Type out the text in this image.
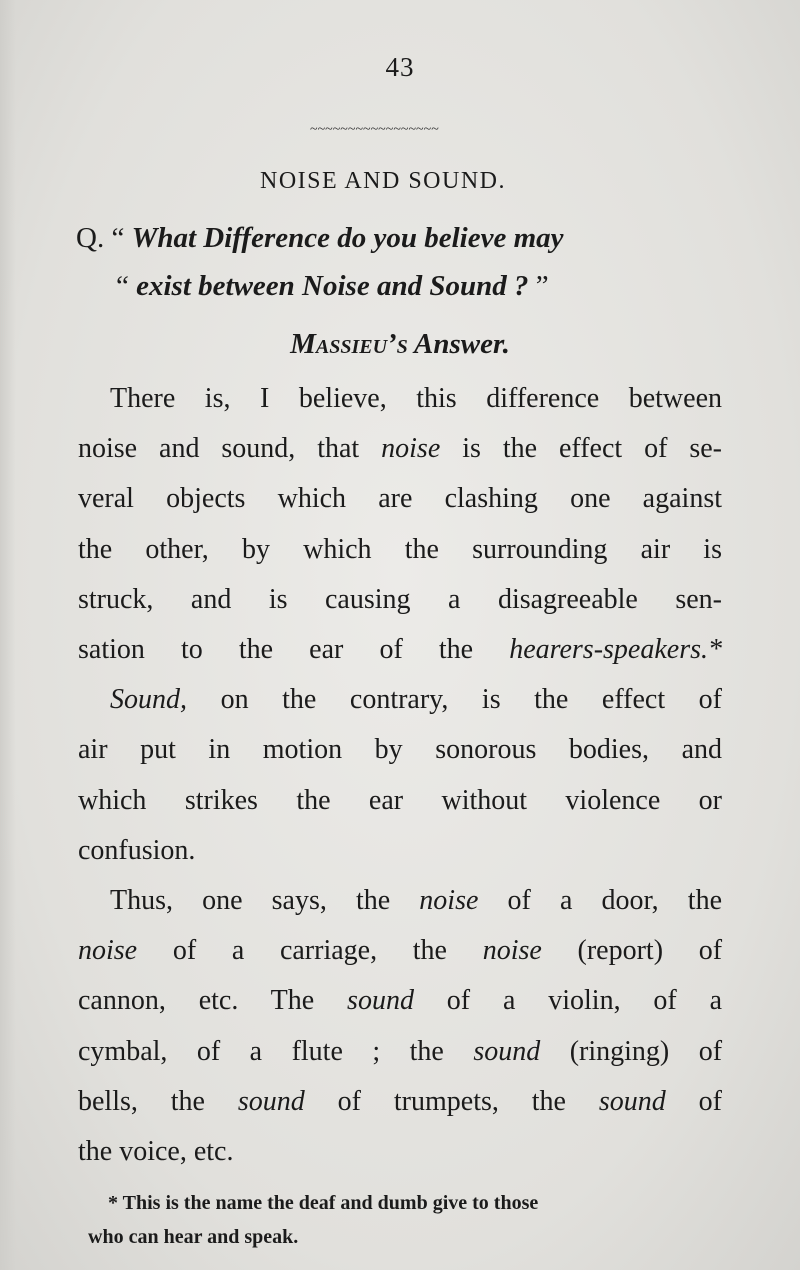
43
~~~~~~~~~~~~~~~~~
NOISE AND SOUND.
Q. “ What Difference do you believe may
“ exist between Noise and Sound ? ”
Massieu’s Answer.
There is, I believe, this difference between
noise and sound, that noise is the effect of se-
veral objects which are clashing one against
the other, by which the surrounding air is
struck, and is causing a disagreeable sen-
sation to the ear of the hearers-speakers.*
Sound, on the contrary, is the effect of
air put in motion by sonorous bodies, and
which strikes the ear without violence or
confusion.
Thus, one says, the noise of a door, the
noise of a carriage, the noise (report) of
cannon, etc. The sound of a violin, of a
cymbal, of a flute ; the sound (ringing) of
bells, the sound of trumpets, the sound of
the voice, etc.
* This is the name the deaf and dumb give to those
who can hear and speak.
